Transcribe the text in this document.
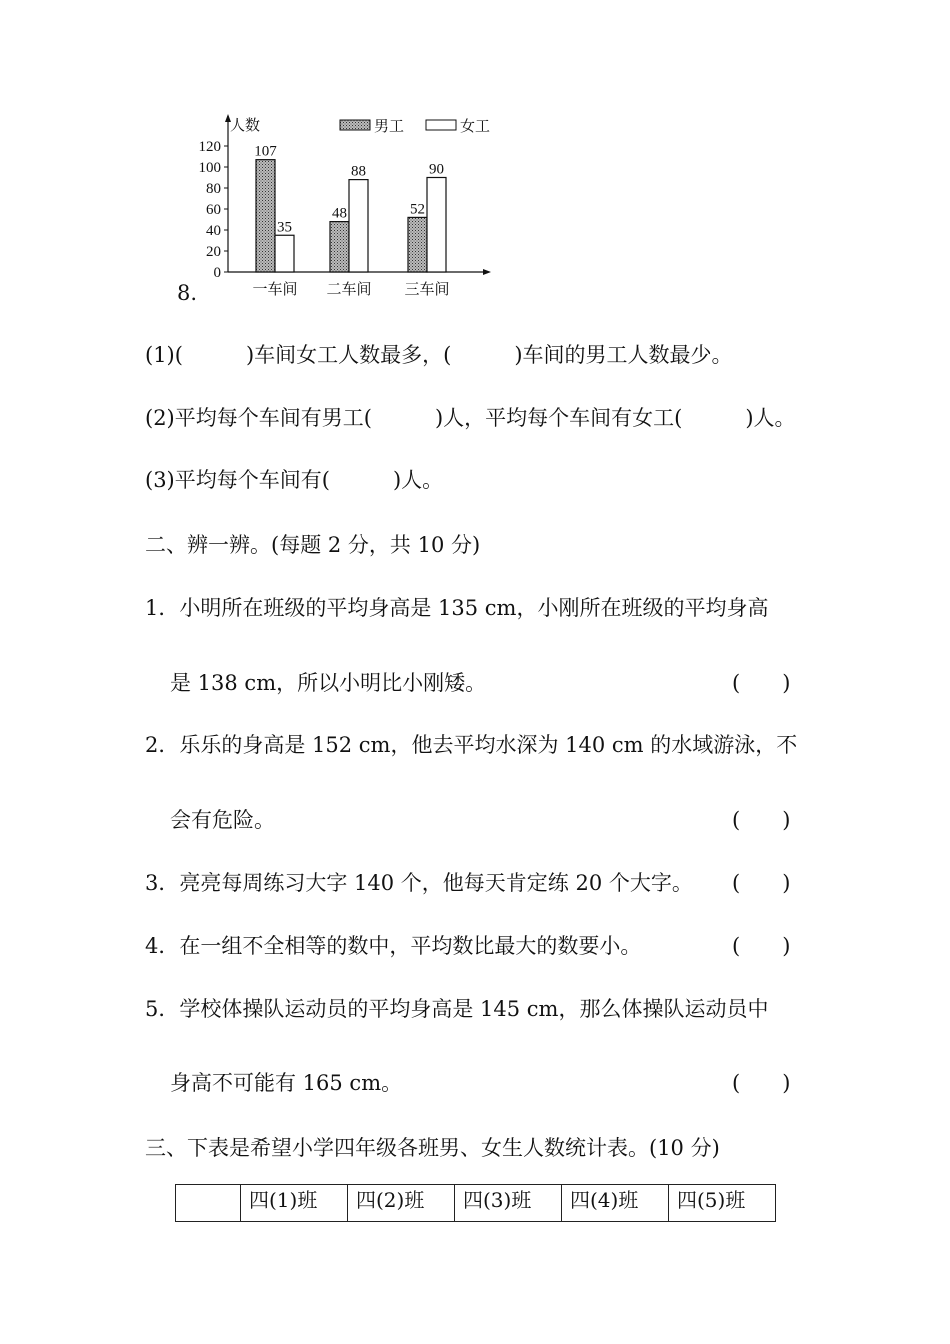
人数
0
20
40
60
80
100
120
男工	女工
107
35
一车间
48
88
二车间
52
90
三车间
8.
(1)(　　　)车间女工人数最多，(　　　)车间的男工人数最少。
(2)平均每个车间有男工(　　　)人，平均每个车间有女工(　　　)人。
(3)平均每个车间有(　　　)人。
二、辨一辨。(每题 2 分，共 10 分)
1．小明所在班级的平均身高是 135 cm，小刚所在班级的平均身高
是 138 cm，所以小明比小刚矮。	(　　)
2．乐乐的身高是 152 cm，他去平均水深为 140 cm 的水域游泳，不
会有危险。	(　　)
3．亮亮每周练习大字 140 个，他每天肯定练 20 个大字。 (　　)
4．在一组不全相等的数中，平均数比最大的数要小。	(　　)
5．学校体操队运动员的平均身高是 145 cm，那么体操队运动员中
身高不可能有 165 cm。	(　　)
三、下表是希望小学四年级各班男、女生人数统计表。(10 分)
	四(1)班	四(2)班	四(3)班	四(4)班	四(5)班
